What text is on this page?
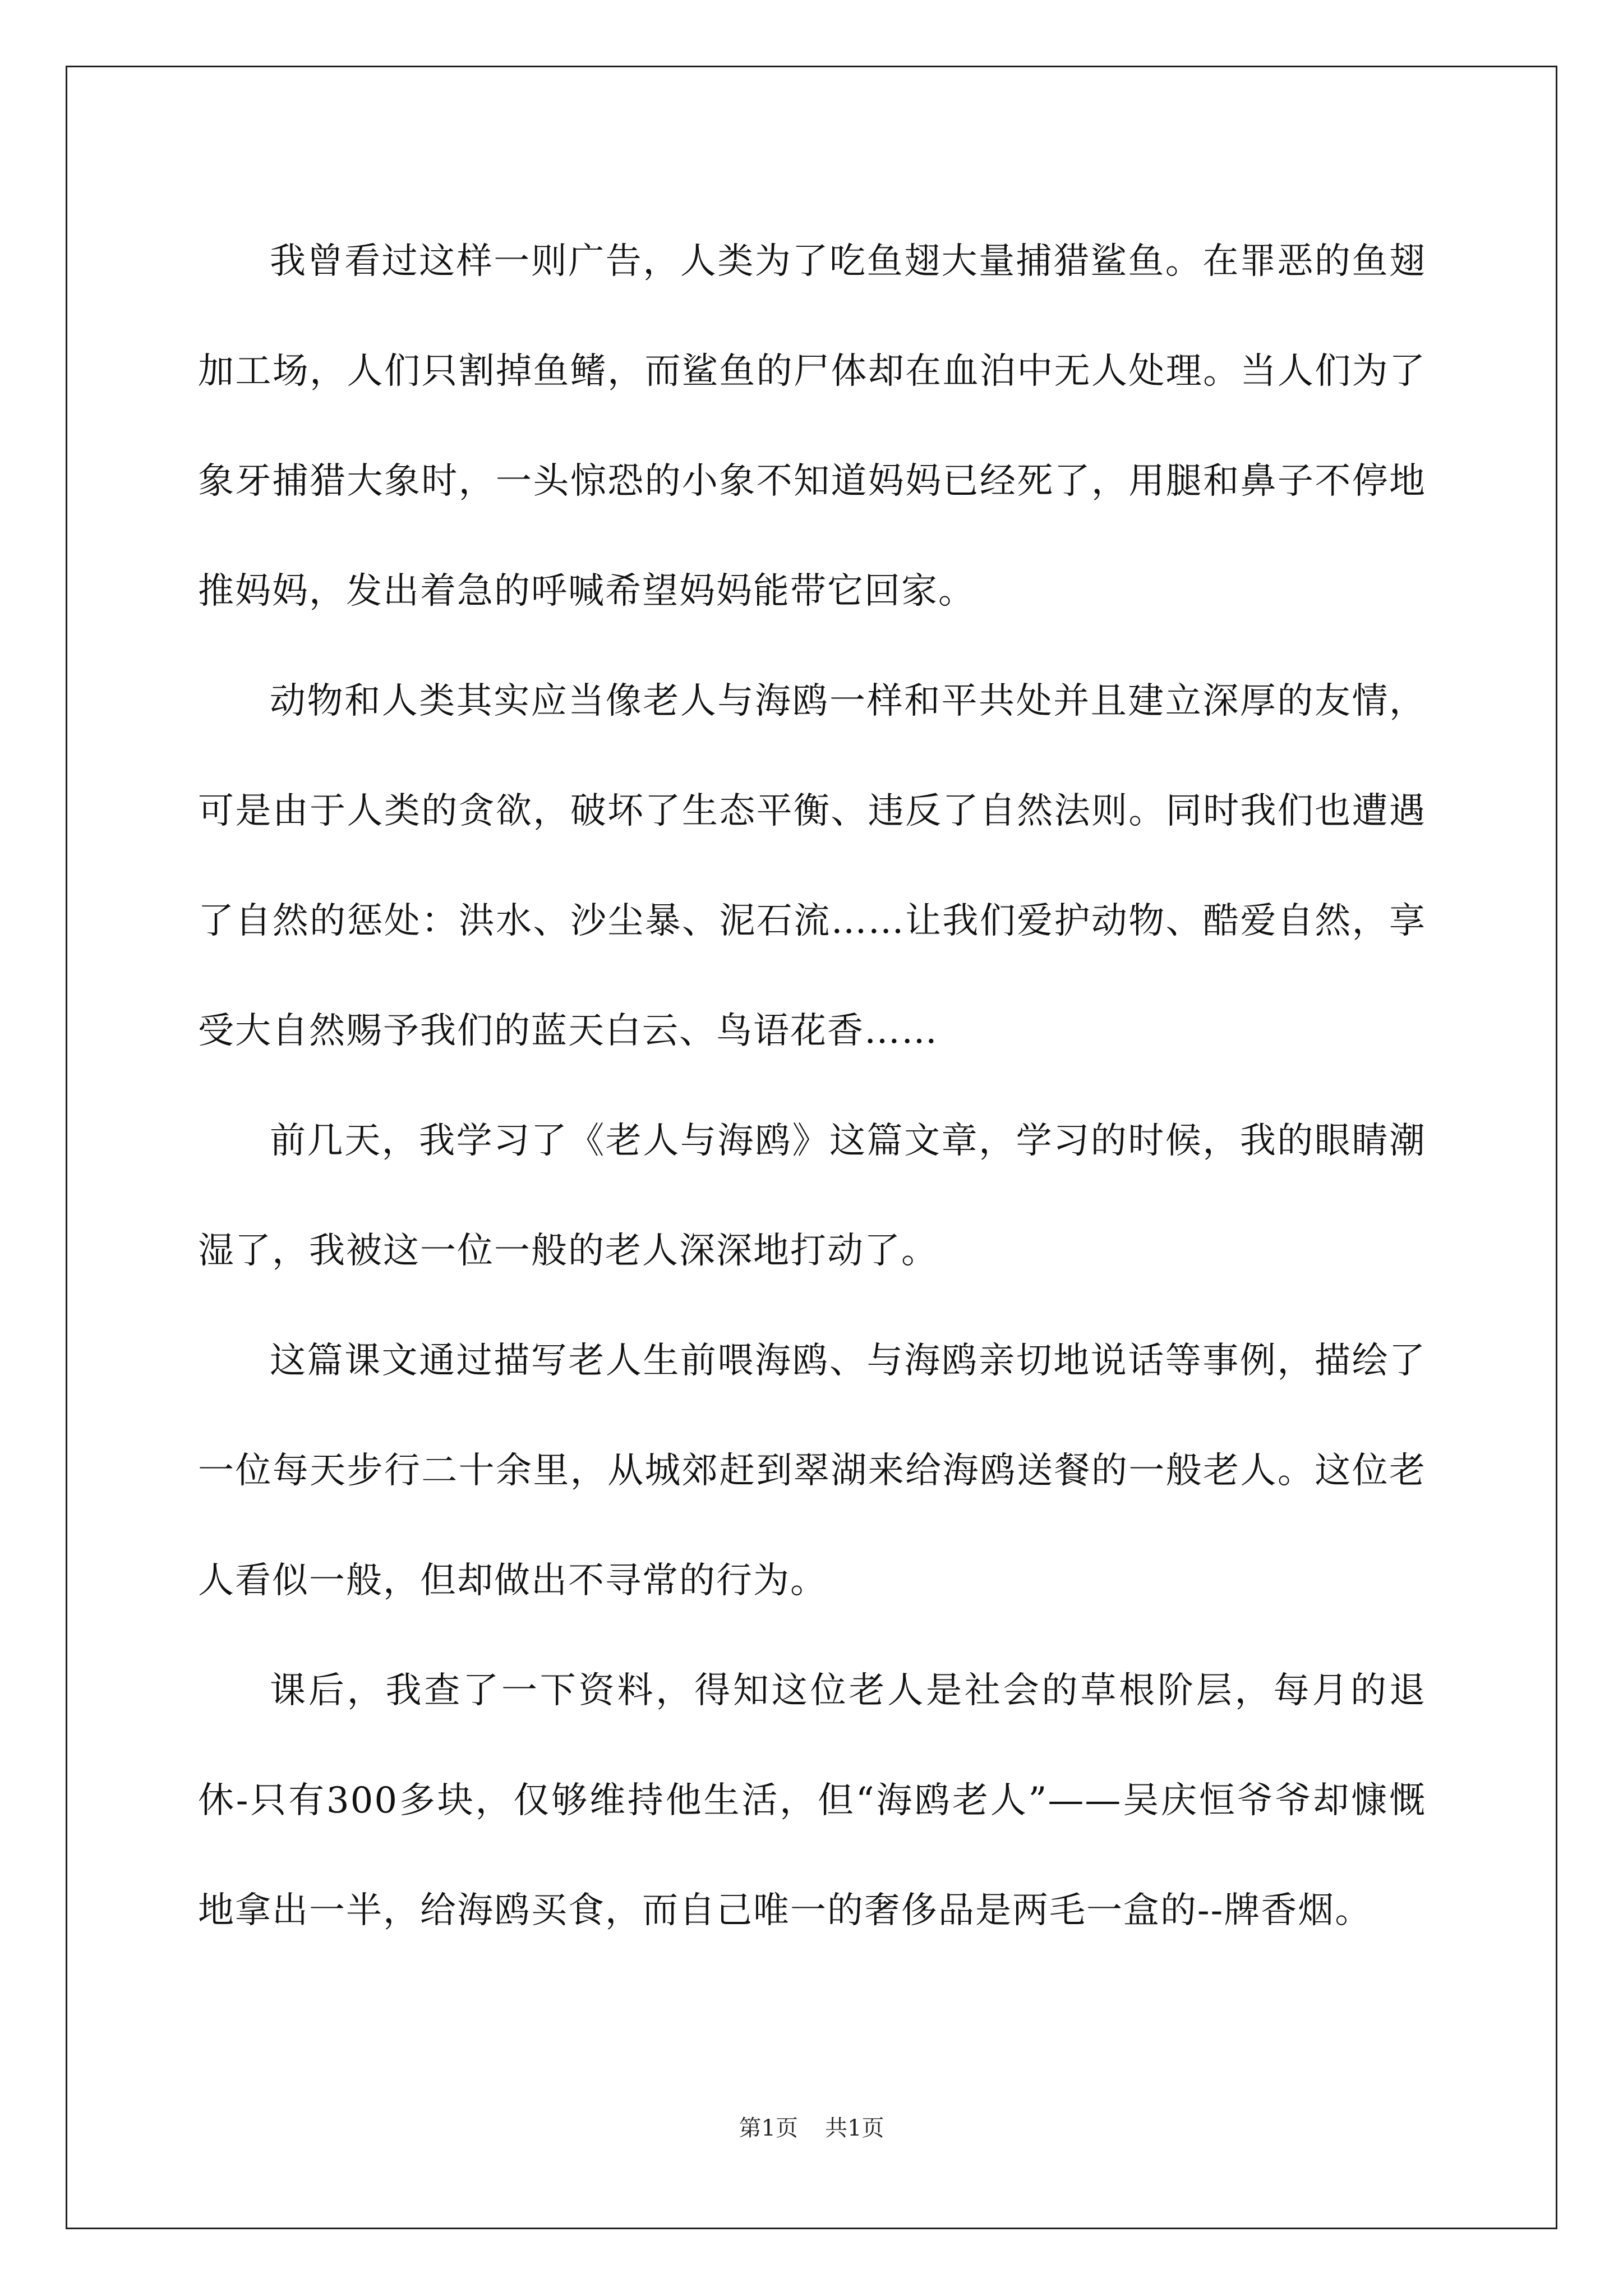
我曾看过这样一则广告，人类为了吃鱼翅大量捕猎鲨鱼。在罪恶的鱼翅加工场，人们只割掉鱼鳍，而鲨鱼的尸体却在血泊中无人处理。当人们为了象牙捕猎大象时，一头惊恐的小象不知道妈妈已经死了，用腿和鼻子不停地推妈妈，发出着急的呼喊希望妈妈能带它回家。

动物和人类其实应当像老人与海鸥一样和平共处并且建立深厚的友情，可是由于人类的贪欲，破坏了生态平衡、违反了自然法则。同时我们也遭遇了自然的惩处：洪水、沙尘暴、泥石流……让我们爱护动物、酷爱自然，享受大自然赐予我们的蓝天白云、鸟语花香……

前几天，我学习了《老人与海鸥》这篇文章，学习的时候，我的眼睛潮湿了，我被这一位一般的老人深深地打动了。

这篇课文通过描写老人生前喂海鸥、与海鸥亲切地说话等事例，描绘了一位每天步行二十余里，从城郊赶到翠湖来给海鸥送餐的一般老人。这位老人看似一般，但却做出不寻常的行为。

课后，我查了一下资料，得知这位老人是社会的草根阶层，每月的退休-只有300多块，仅够维持他生活，但“海鸥老人”——吴庆恒爷爷却慷慨地拿出一半，给海鸥买食，而自己唯一的奢侈品是两毛一盒的--牌香烟。

第1页 共1页
